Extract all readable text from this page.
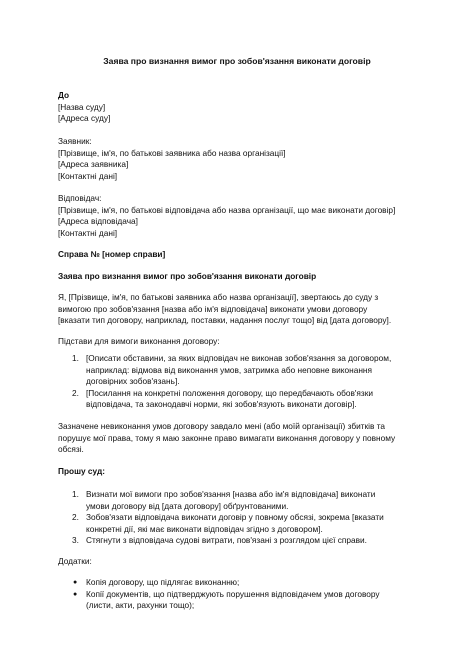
Заява про визнання вимог про зобов'язання виконати договір
До
[Назва суду]
[Адреса суду]
Заявник:
[Прізвище, ім'я, по батькові заявника або назва організації]
[Адреса заявника]
[Контактні дані]
Відповідач:
[Прізвище, ім'я, по батькові відповідача або назва організації, що має виконати договір]
[Адреса відповідача]
[Контактні дані]
Справа № [номер справи]
Заява про визнання вимог про зобов'язання виконати договір
Я, [Прізвище, ім'я, по батькові заявника або назва організації], звертаюсь до суду з
вимогою про зобов'язання [назва або ім'я відповідача] виконати умови договору
[вказати тип договору, наприклад, поставки, надання послуг тощо] від [дата договору].
Підстави для вимоги виконання договору:
1. [Описати обставини, за яких відповідач не виконав зобов'язання за договором,
наприклад: відмова від виконання умов, затримка або неповне виконання
договірних зобов'язань].
2. [Посилання на конкретні положення договору, що передбачають обов'язки
відповідача, та законодавчі норми, які зобов'язують виконати договір].
Зазначене невиконання умов договору завдало мені (або моїй організації) збитків та
порушує мої права, тому я маю законне право вимагати виконання договору у повному
обсязі.
Прошу суд:
1. Визнати мої вимоги про зобов'язання [назва або ім'я відповідача] виконати
умови договору від [дата договору] обґрунтованими.
2. Зобов'язати відповідача виконати договір у повному обсязі, зокрема [вказати
конкретні дії, які має виконати відповідач згідно з договором].
3. Стягнути з відповідача судові витрати, пов'язані з розглядом цієї справи.
Додатки:
● Копія договору, що підлягає виконанню;
● Копії документів, що підтверджують порушення відповідачем умов договору
(листи, акти, рахунки тощо);
